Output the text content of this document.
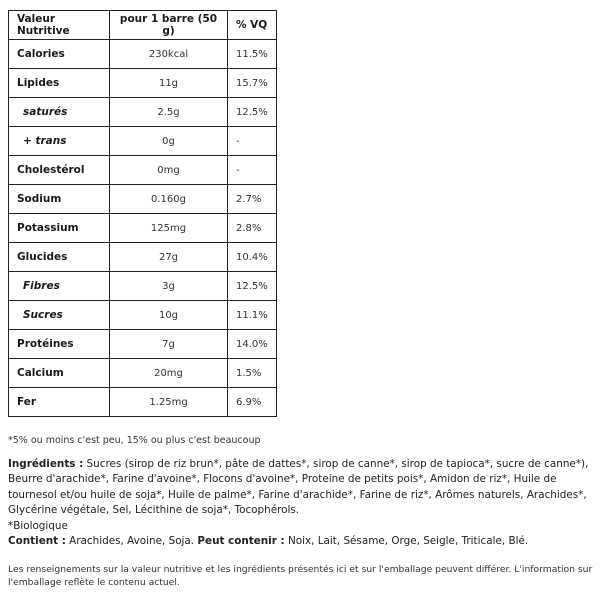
Valeur Nutritive	pour 1 barre (50 g)	% VQ
Calories	230kcal	11.5%
Lipides	11g	15.7%
saturés	2.5g	12.5%
+ trans	0g	-
Cholestérol	0mg	-
Sodium	0.160g	2.7%
Potassium	125mg	2.8%
Glucides	27g	10.4%
Fibres	3g	12.5%
Sucres	10g	11.1%
Protéines	7g	14.0%
Calcium	20mg	1.5%
Fer	1.25mg	6.9%
*5% ou moins c'est peu, 15% ou plus c'est beaucoup
Ingrédients : Sucres (sirop de riz brun*, pâte de dattes*, sirop de canne*, sirop de tapioca*, sucre de canne*), Beurre d'arachide*, Farine d'avoine*, Flocons d'avoine*, Proteine de petits pois*, Amidon de riz*, Huile de tournesol et/ou huile de soja*, Huile de palme*, Farine d'arachide*, Farine de riz*, Arômes naturels, Arachides*, Glycérine végétale, Sel, Lécithine de soja*, Tocophérols.
*Biologique
Contient : Arachides, Avoine, Soja. Peut contenir : Noix, Lait, Sésame, Orge, Seigle, Triticale, Blé.
Les renseignements sur la valeur nutritive et les ingrédients présentés ici et sur l'emballage peuvent différer. L'information sur l'emballage reflète le contenu actuel.
